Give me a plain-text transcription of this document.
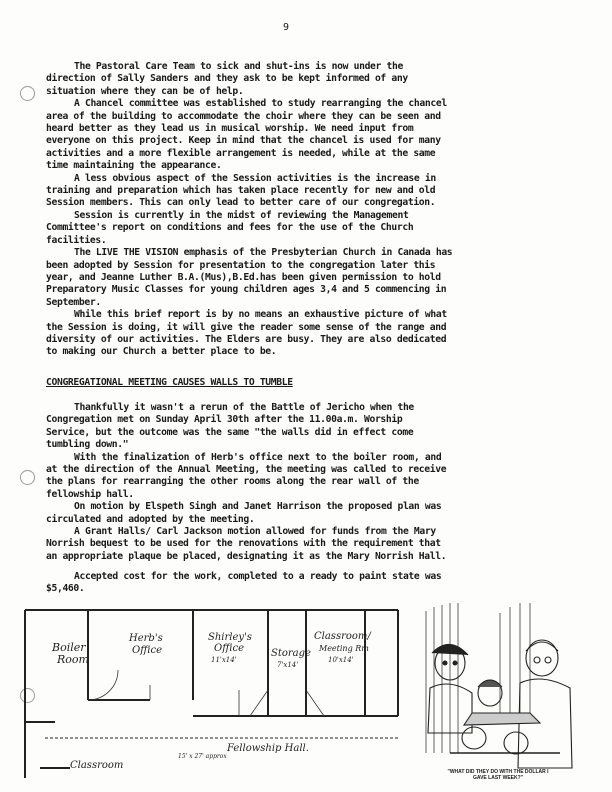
9

The Pastoral Care Team to sick and shut-ins is now under the

direction of Sally Sanders and they ask to be kept informed of any

situation where they can be of help.

A Chancel committee was established to study rearranging the chancel

area of the building to accommodate the choir where they can be seen and

heard better as they lead us in musical worship. We need input from

everyone on this project. Keep in mind that the chancel is used for many

activities and a more flexible arrangement is needed, while at the same

time maintaining the appearance.

A less obvious aspect of the Session activities is the increase in

training and preparation which has taken place recently for new and old

Session members. This can only lead to better care of our congregation.

Session is currently in the midst of reviewing the Management

Committee's report on conditions and fees for the use of the Church

facilities.

The LIVE THE VISION emphasis of the Presbyterian Church in Canada has

been adopted by Session for presentation to the congregation later this

year, and Jeanne Luther B.A.(Mus),B.Ed.has been given permission to hold

Preparatory Music Classes for young children ages 3,4 and 5 commencing in

September.

While this brief report is by no means an exhaustive picture of what

the Session is doing, it will give the reader some sense of the range and

diversity of our activities. The Elders are busy. They are also dedicated

to making our Church a better place to be.

CONGREGATIONAL MEETING CAUSES WALLS TO TUMBLE

Thankfully it wasn't a rerun of the Battle of Jericho when the

Congregation met on Sunday April 30th after the 11.00a.m. Worship

Service, but the outcome was the same "the walls did in effect come

tumbling down."

With the finalization of Herb's office next to the boiler room, and

at the direction of the Annual Meeting, the meeting was called to receive

the plans for rearranging the other rooms along the rear wall of the

fellowship hall.

On motion by Elspeth Singh and Janet Harrison the proposed plan was

circulated and adopted by the meeting.

A Grant Halls/ Carl Jackson motion allowed for funds from the Mary

Norrish bequest to be used for the renovations with the requirement that

an appropriate plaque be placed, designating it as the Mary Norrish Hall.

Accepted cost for the work, completed to a ready to paint state was

$5,460.

Boiler Room
Herb's Office
Shirley's Office 11'x14'
Storage 7'x14'
Classroom/ Meeting Rm 10'x14'
Fellowship Hall.
15' x 27' approx
Classroom
"WHAT DID THEY DO WITH THE DOLLAR I
GAVE LAST WEEK?"
